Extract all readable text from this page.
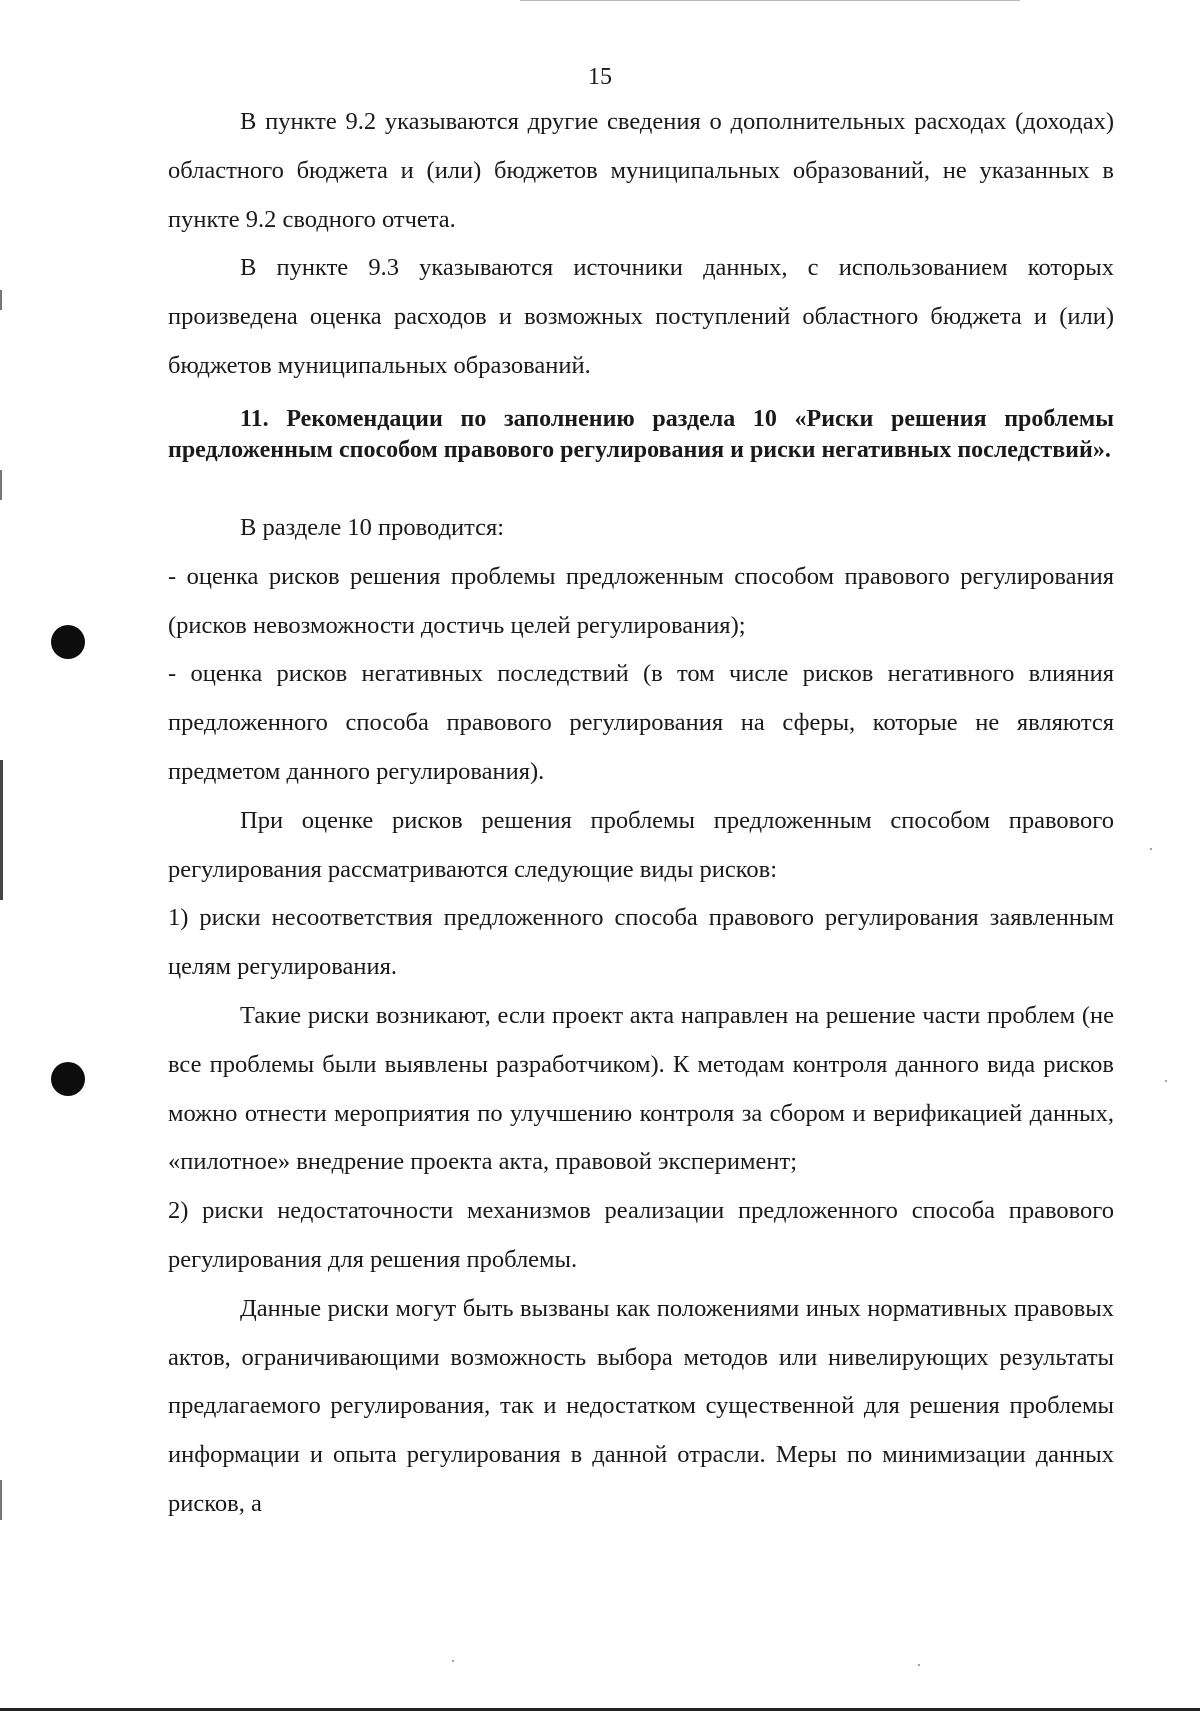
15

В пункте 9.2 указываются другие сведения о дополнительных расходах (доходах) областного бюджета и (или) бюджетов муниципальных образований, не указанных в пункте 9.2 сводного отчета.

В пункте 9.3 указываются источники данных, с использованием которых произведена оценка расходов и возможных поступлений областного бюджета и (или) бюджетов муниципальных образований.

11. Рекомендации по заполнению раздела 10 «Риски решения проблемы предложенным способом правового регулирования и риски негативных последствий».

В разделе 10 проводится:

- оценка рисков решения проблемы предложенным способом правового регулирования (рисков невозможности достичь целей регулирования);

- оценка рисков негативных последствий (в том числе рисков негативного влияния предложенного способа правового регулирования на сферы, которые не являются предметом данного регулирования).

При оценке рисков решения проблемы предложенным способом правового регулирования рассматриваются следующие виды рисков:

1) риски несоответствия предложенного способа правового регулирования заявленным целям регулирования.

Такие риски возникают, если проект акта направлен на решение части проблем (не все проблемы были выявлены разработчиком). К методам контроля данного вида рисков можно отнести мероприятия по улучшению контроля за сбором и верификацией данных, «пилотное» внедрение проекта акта, правовой эксперимент;

2) риски недостаточности механизмов реализации предложенного способа правового регулирования для решения проблемы.

Данные риски могут быть вызваны как положениями иных нормативных правовых актов, ограничивающими возможность выбора методов или нивелирующих результаты предлагаемого регулирования, так и недостатком существенной для решения проблемы информации и опыта регулирования в данной отрасли. Меры по минимизации данных рисков, а
